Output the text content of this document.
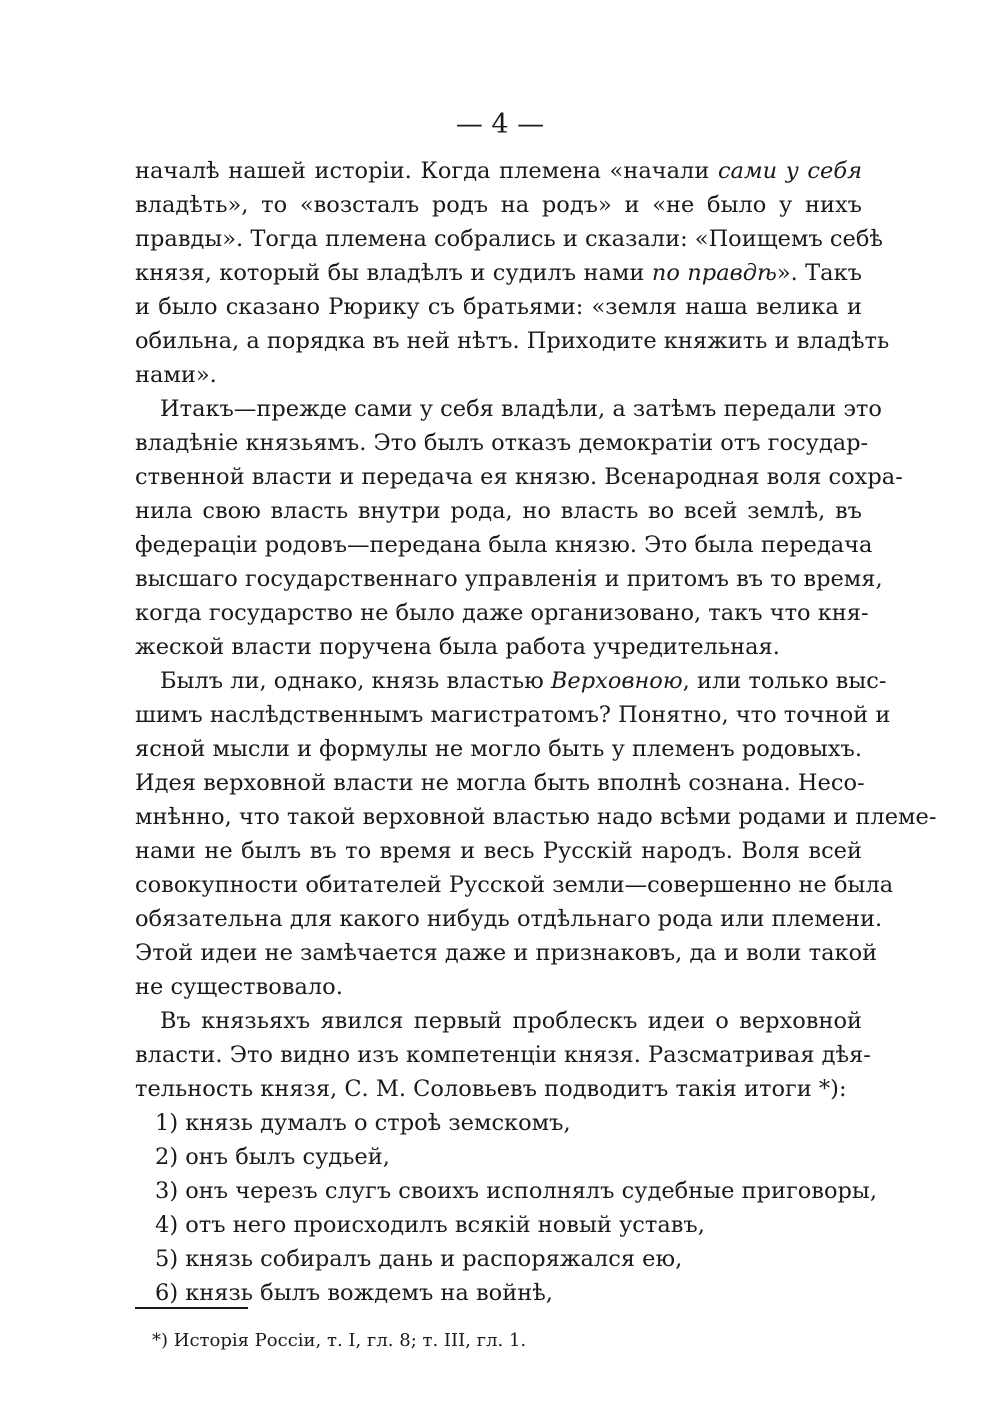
— 4 —
началѣ нашей исторіи. Когда племена «начали сами у себя
владѣть», то «возсталъ родъ на родъ» и «не было у нихъ
правды». Тогда племена собрались и сказали: «Поищемъ себѣ
князя, который бы владѣлъ и судилъ нами по правдѣ». Такъ
и было сказано Рюрику съ братьями: «земля наша велика и
обильна, а порядка въ ней нѣтъ. Приходите княжить и владѣть
нами».
Итакъ—прежде сами у себя владѣли, а затѣмъ передали это
владѣніе князьямъ. Это былъ отказъ демократіи отъ государ-
ственной власти и передача ея князю. Всенародная воля сохра-
нила свою власть внутри рода, но власть во всей землѣ, въ
федераціи родовъ—передана была князю. Это была передача
высшаго государственнаго управленія и притомъ въ то время,
когда государство не было даже организовано, такъ что кня-
жеской власти поручена была работа учредительная.
Былъ ли, однако, князь властью Верховною, или только выс-
шимъ наслѣдственнымъ магистратомъ? Понятно, что точной и
ясной мысли и формулы не могло быть у племенъ родовыхъ.
Идея верховной власти не могла быть вполнѣ сознана. Несо-
мнѣнно, что такой верховной властью надо всѣми родами и племе-
нами не былъ въ то время и весь Русскій народъ. Воля всей
совокупности обитателей Русской земли—совершенно не была
обязательна для какого нибудь отдѣльнаго рода или племени.
Этой идеи не замѣчается даже и признаковъ, да и воли такой
не существовало.
Въ князьяхъ явился первый проблескъ идеи о верховной
власти. Это видно изъ компетенціи князя. Разсматривая дѣя-
тельность князя, С. М. Соловьевъ подводитъ такія итоги *):
1) князь думалъ о строѣ земскомъ,
2) онъ былъ судьей,
3) онъ черезъ слугъ своихъ исполнялъ судебные приговоры,
4) отъ него происходилъ всякій новый уставъ,
5) князь собиралъ дань и распоряжался ею,
6) князь былъ вождемъ на войнѣ,
*) Исторія Россіи, т. I, гл. 8; т. III, гл. 1.
